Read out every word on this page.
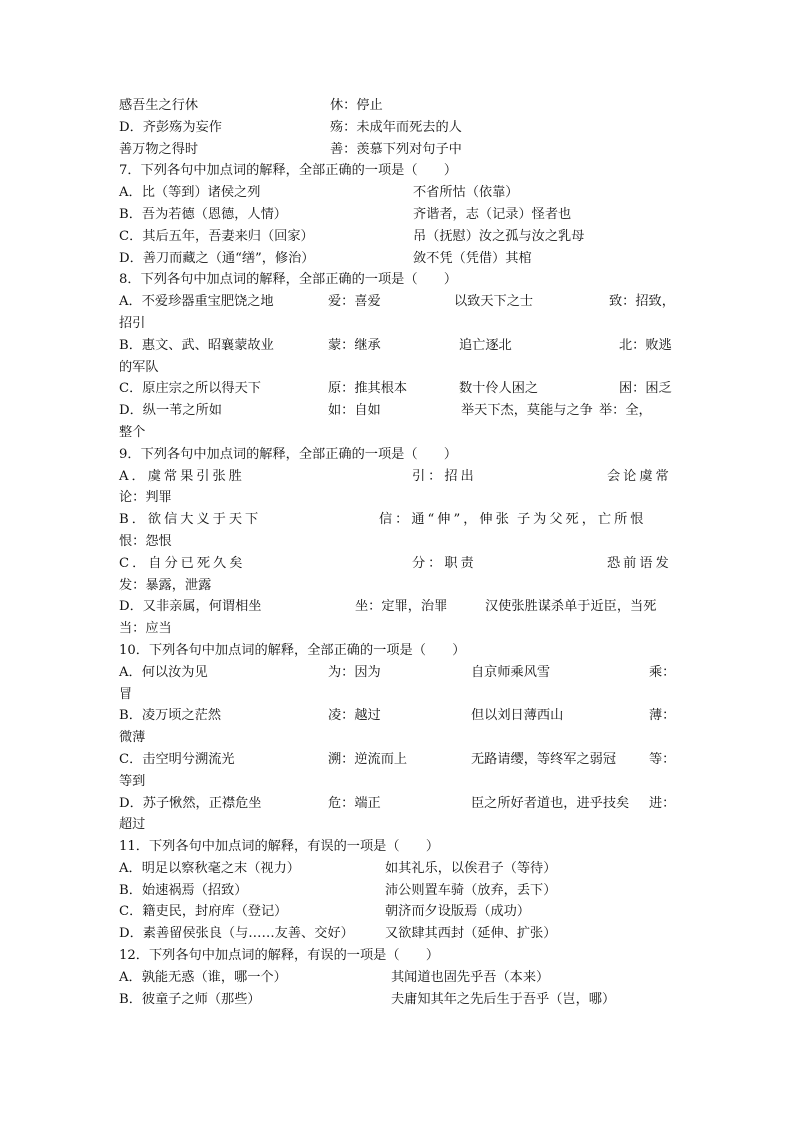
感吾生之行休	休：停止
D．齐彭殇为妄作	殇：未成年而死去的人
善万物之得时	善：羡慕下列对句子中
7．下列各句中加点词的解释，全部正确的一项是（　　）
A．比（等到）诸侯之列	不省所怙（依靠）
B．吾为若德（恩德，人情）	齐谐者，志（记录）怪者也
C．其后五年，吾妻来归（回家）	吊（抚慰）汝之孤与汝之乳母
D．善刀而藏之（通“缮”，修治）	敛不凭（凭借）其棺
8．下列各句中加点词的解释，全部正确的一项是（　　）
A．不爱珍器重宝肥饶之地	爱：喜爱	以致天下之士	致：招致，
招引
B．惠文、武、昭襄蒙故业	蒙：继承	追亡逐北	北：败逃
的军队
C．原庄宗之所以得天下	原：推其根本	数十伶人困之	困：困乏
D．纵一苇之所如	如：自如	举天下杰，莫能与之争 举：全，
整个
9．下列各句中加点词的解释，全部正确的一项是（　　）
A．虞常果引张胜	引：招出	会论虞常
论：判罪
B．欲信大义于天下	信：通“伸”，伸张 子为父死，亡所恨
恨：怨恨
C．自分已死久矣	分：职责	恐前语发
发：暴露，泄露
D．又非亲属，何谓相坐	坐：定罪，治罪	汉使张胜谋杀单于近臣，当死
当：应当
10．下列各句中加点词的解释，全部正确的一项是（　　）
A．何以汝为见	为：因为	自京师乘风雪	乘：
冒
B．凌万顷之茫然	凌：越过	但以刘日薄西山	薄：
微薄
C．击空明兮溯流光	溯：逆流而上	无路请缨，等终军之弱冠 等：
等到
D．苏子愀然，正襟危坐	危：端正	臣之所好者道也，进乎技矣 进：
超过
11．下列各句中加点词的解释，有误的一项是（　　）
A．明足以察秋毫之末（视力）	如其礼乐，以俟君子（等待）
B．始速祸焉（招致）	沛公则置车骑（放弃，丢下）
C．籍吏民，封府库（登记）	朝济而夕设版焉（成功）
D．素善留侯张良（与……友善、交好） 又欲肆其西封（延伸、扩张）
12．下列各句中加点词的解释，有误的一项是（　　）
A．孰能无惑（谁，哪一个）	其闻道也固先乎吾（本来）
B．彼童子之师（那些）	夫庸知其年之先后生于吾乎（岂，哪）
